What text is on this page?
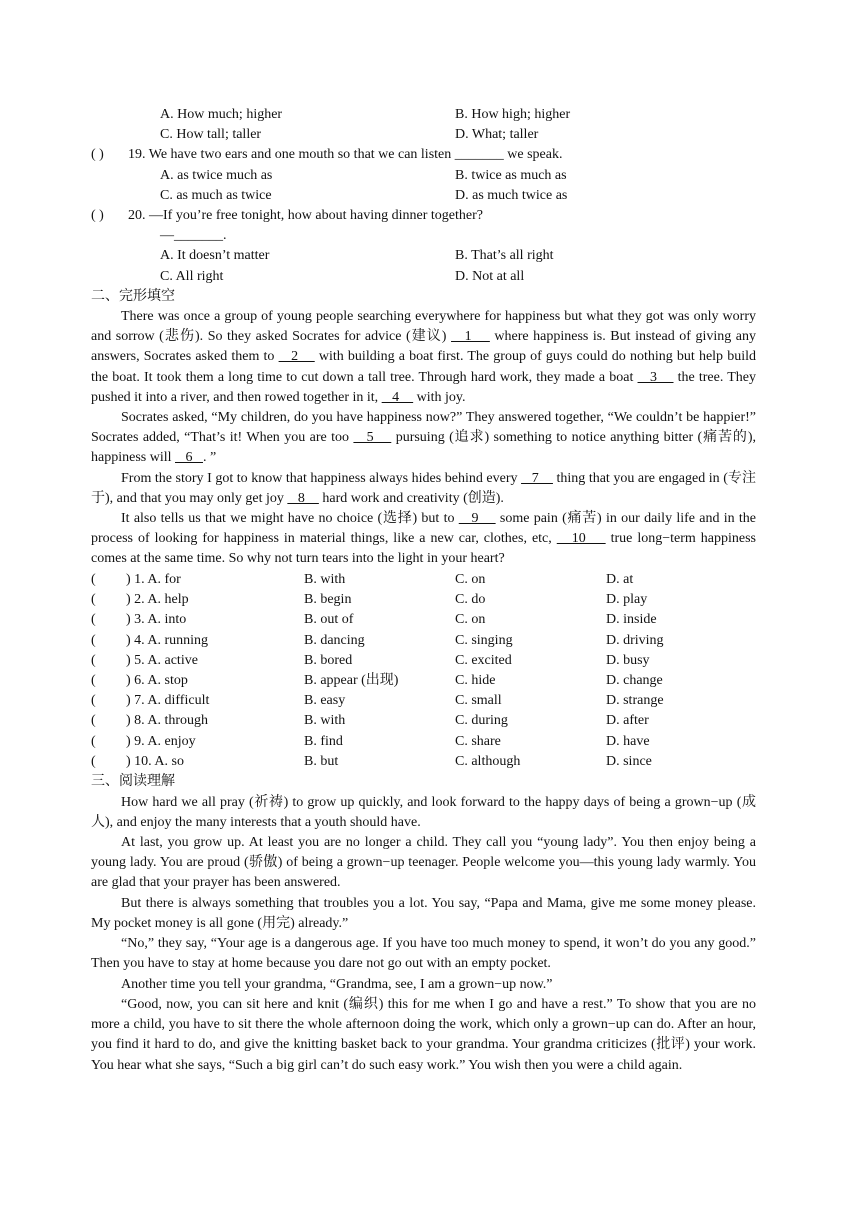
A. How much; higher	B. How high; higher
C. How tall; taller	D. What; taller
( ) 19. We have two ears and one mouth so that we can listen _______ we speak.
A. as twice much as	B. twice as much as
C. as much as twice	D. as much twice as
( ) 20. —If you’re free tonight, how about having dinner together?
—_______.
A. It doesn’t matter	B. That’s all right
C. All right	D. Not at all
二、完形填空

There was once a group of young people searching everywhere for happiness but what they got was only worry and sorrow (悲伤). So they asked Socrates for advice (建议)    1     where happiness is. But instead of giving any answers, Socrates asked them to    2     with building a boat first. The group of guys could do nothing but help build the boat. It took them a long time to cut down a tall tree. Through hard work, they made a boat    3     the tree. They pushed it into a river, and then rowed together in it,    4     with joy.

Socrates asked, “My children, do you have happiness now?” They answered together, “We couldn’t be happier!” Socrates added, “That’s it! When you are too    5     pursuing (追求) something to notice anything bitter (痛苦的), happiness will    6   . ”

From the story I got to know that happiness always hides behind every    7     thing that you are engaged in (专注于), and that you may only get joy    8     hard work and creativity (创造).

It also tells us that we might have no choice (选择) but to    9     some pain (痛苦) in our daily life and in the process of looking for happiness in material things, like a new car, clothes, etc,    10     true long−term happiness comes at the same time. So why not turn tears into the light in your heart?

( ) 1. A. for	B. with	C. on	D. at
( ) 2. A. help	B. begin	C. do	D. play
( ) 3. A. into	B. out of	C. on	D. inside
( ) 4. A. running	B. dancing	C. singing	D. driving
( ) 5. A. active	B. bored	C. excited	D. busy
( ) 6. A. stop	B. appear (出现)	C. hide	D. change
( ) 7. A. difficult	B. easy	C. small	D. strange
( ) 8. A. through	B. with	C. during	D. after
( ) 9. A. enjoy	B. find	C. share	D. have
( ) 10. A. so	B. but	C. although	D. since
三、阅读理解

How hard we all pray (祈祷) to grow up quickly, and look forward to the happy days of being a grown−up (成人), and enjoy the many interests that a youth should have.

At last, you grow up. At least you are no longer a child. They call you “young lady”. You then enjoy being a young lady. You are proud (骄傲) of being a grown−up teenager. People welcome you—this young lady warmly. You are glad that your prayer has been answered.

But there is always something that troubles you a lot. You say, “Papa and Mama, give me some money please. My pocket money is all gone (用完) already.”

“No,” they say, “Your age is a dangerous age. If you have too much money to spend, it won’t do you any good.” Then you have to stay at home because you dare not go out with an empty pocket.

Another time you tell your grandma, “Grandma, see, I am a grown−up now.”

“Good, now, you can sit here and knit (编织) this for me when I go and have a rest.” To show that you are no more a child, you have to sit there the whole afternoon doing the work, which only a grown−up can do. After an hour, you find it hard to do, and give the knitting basket back to your grandma. Your grandma criticizes (批评) your work. You hear what she says, “Such a big girl can’t do such easy work.” You wish then you were a child again.
